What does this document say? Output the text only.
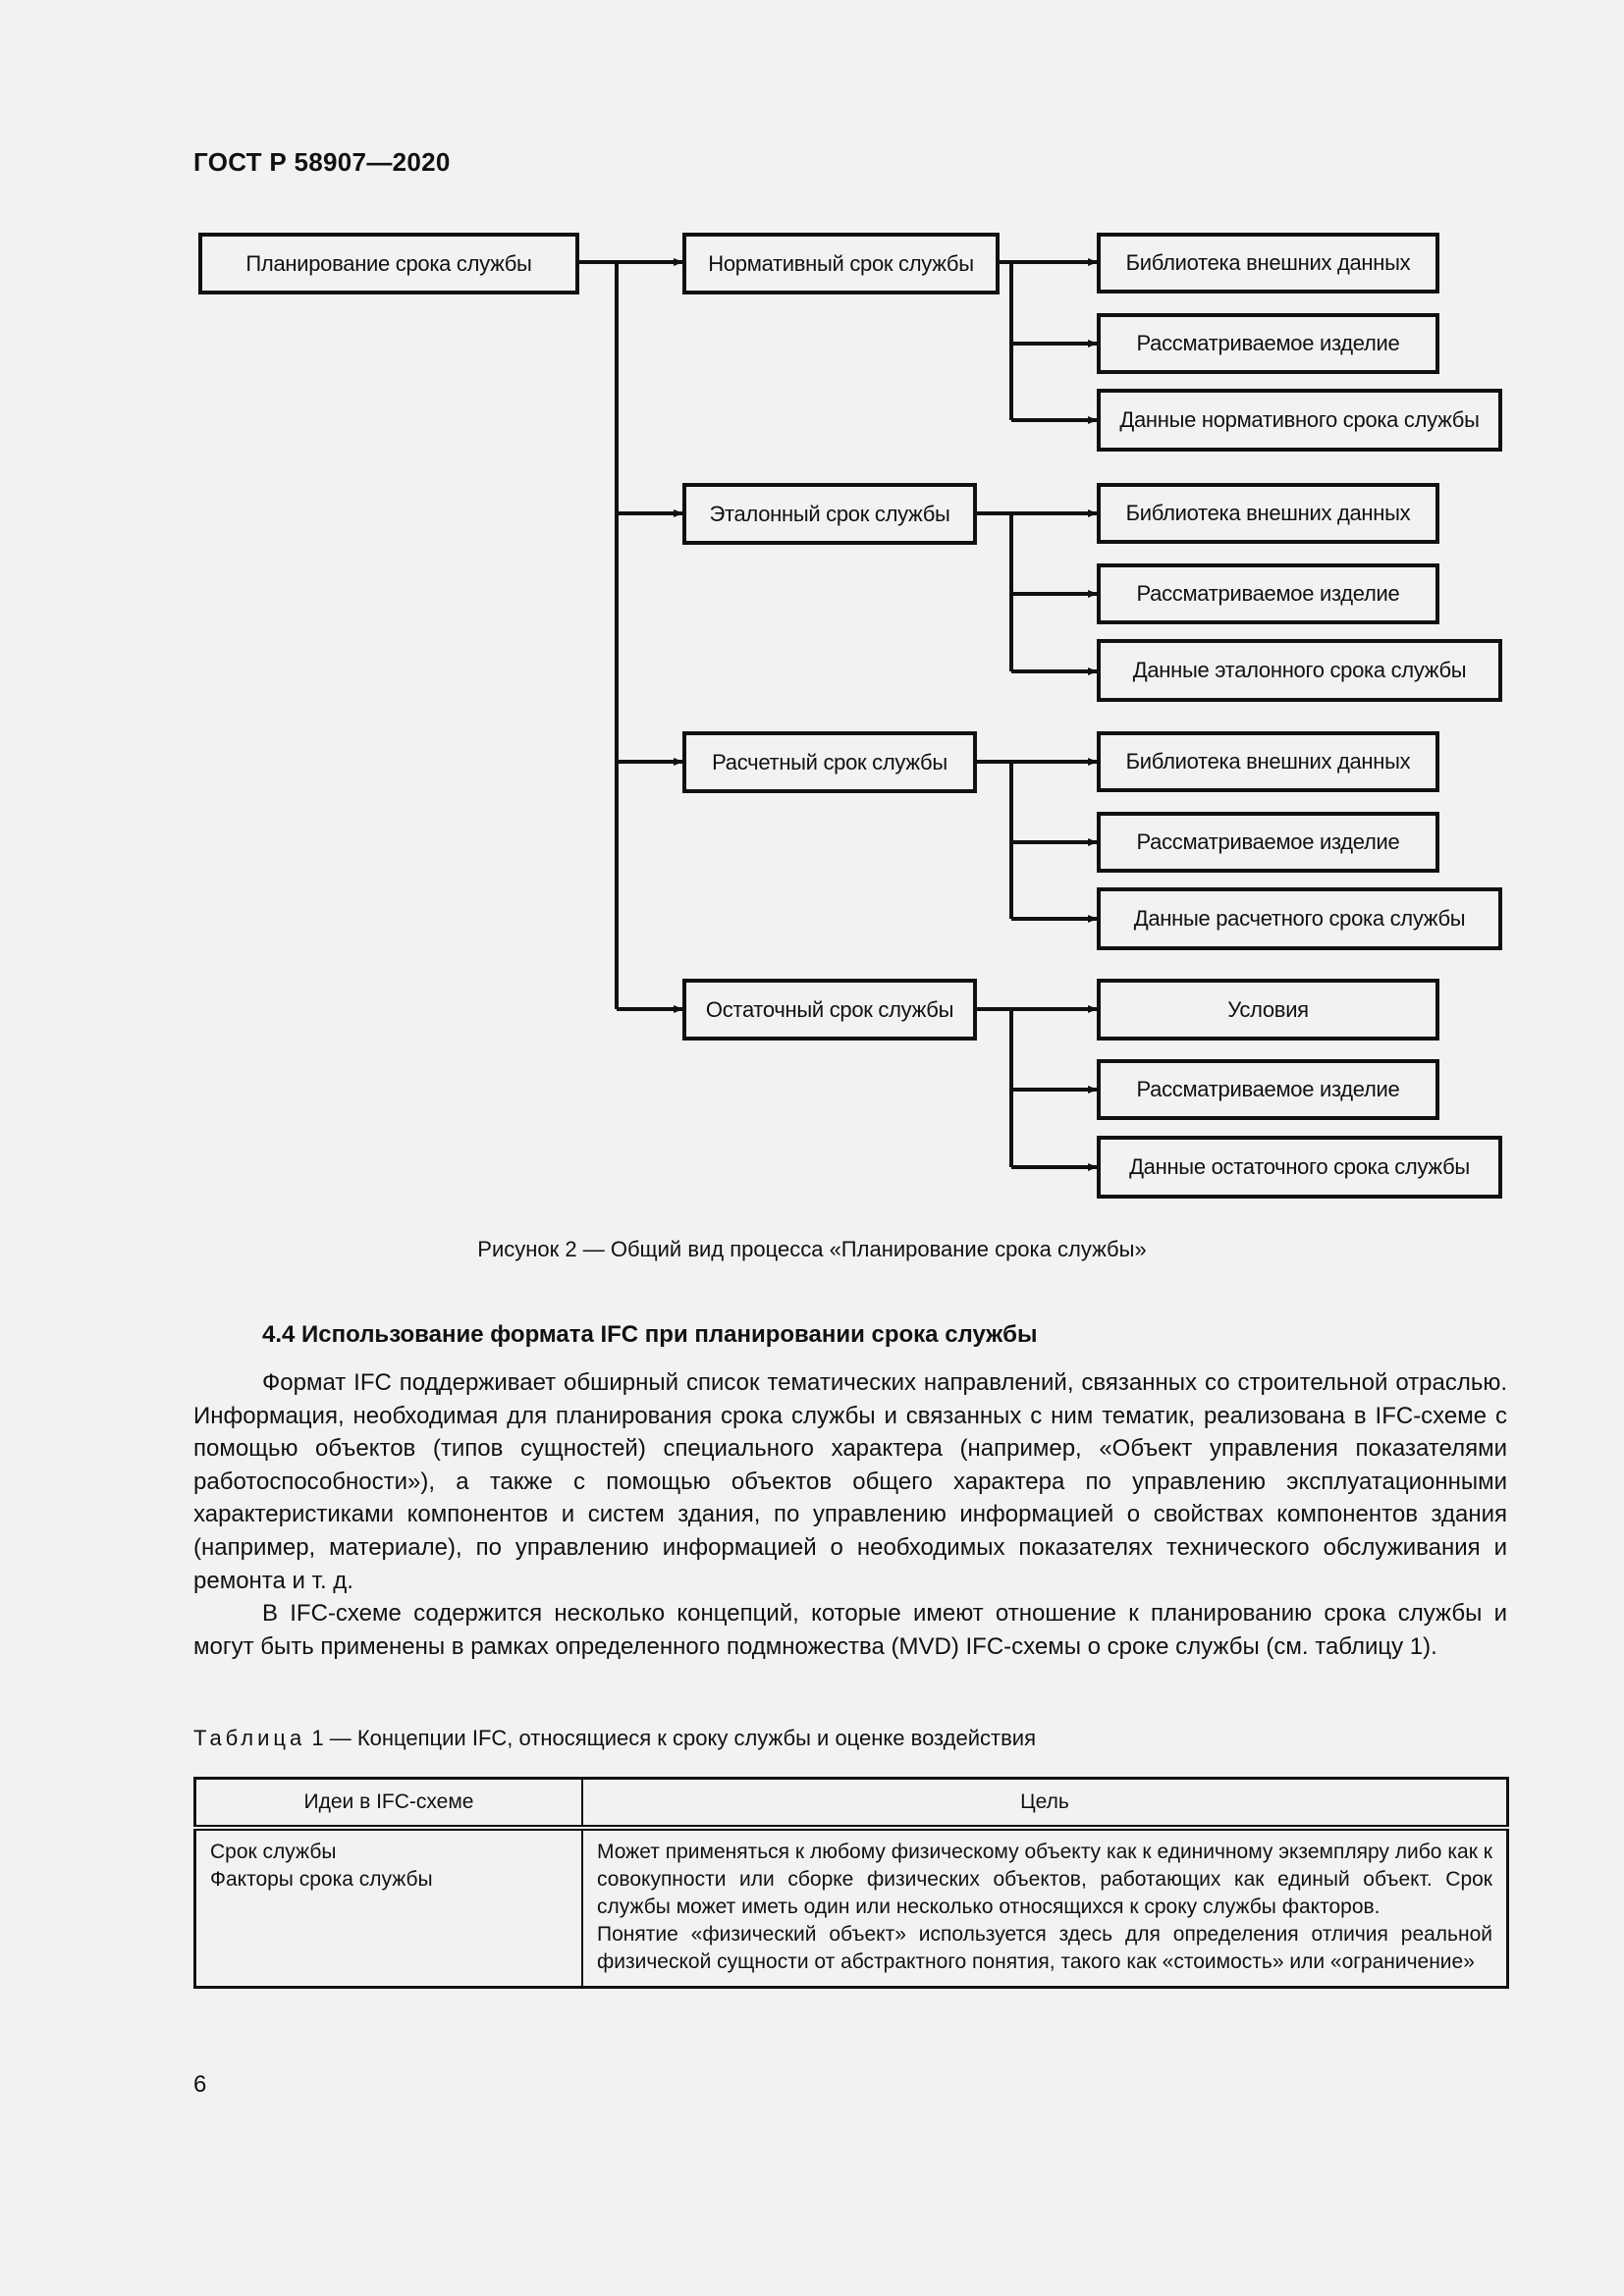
ГОСТ Р 58907—2020
Планирование срока службы	Нормативный срок службы	Библиотека внешних данных
Рассматриваемое изделие
Данные нормативного срока службы
Эталонный срок службы	Библиотека внешних данных
Рассматриваемое изделие
Данные эталонного срока службы
Расчетный срок службы	Библиотека внешних данных
Рассматриваемое изделие
Данные расчетного срока службы
Остаточный срок службы	Условия
Рассматриваемое изделие
Данные остаточного срока службы
Рисунок 2 — Общий вид процесса «Планирование срока службы»
4.4 Использование формата IFC при планировании срока службы

Формат IFC поддерживает обширный список тематических направлений, связанных со строительной отраслью. Информация, необходимая для планирования срока службы и связанных с ним тематик, реализована в IFC-схеме с помощью объектов (типов сущностей) специального характера (например, «Объект управления показателями работоспособности»), а также с помощью объектов общего характера по управлению эксплуатационными характеристиками компонентов и систем здания, по управлению информацией о свойствах компонентов здания (например, материале), по управлению информацией о необходимых показателях технического обслуживания и ремонта и т. д.

В IFC-схеме содержится несколько концепций, которые имеют отношение к планированию срока службы и могут быть применены в рамках определенного подмножества (MVD) IFC-схемы о сроке службы (см. таблицу 1).

Таблица 1 — Концепции IFC, относящиеся к сроку службы и оценке воздействия
Идеи в IFC-схеме	Цель

Срок службы
Факторы срока службы	Может применяться к любому физическому объекту как к единичному экземпляру либо как к совокупности или сборке физических объектов, работающих как единый объект. Срок службы может иметь один или несколько относящихся к сроку службы факторов.
Понятие «физический объект» используется здесь для определения отличия реальной физической сущности от абстрактного понятия, такого как «стоимость» или «ограничение»
6
